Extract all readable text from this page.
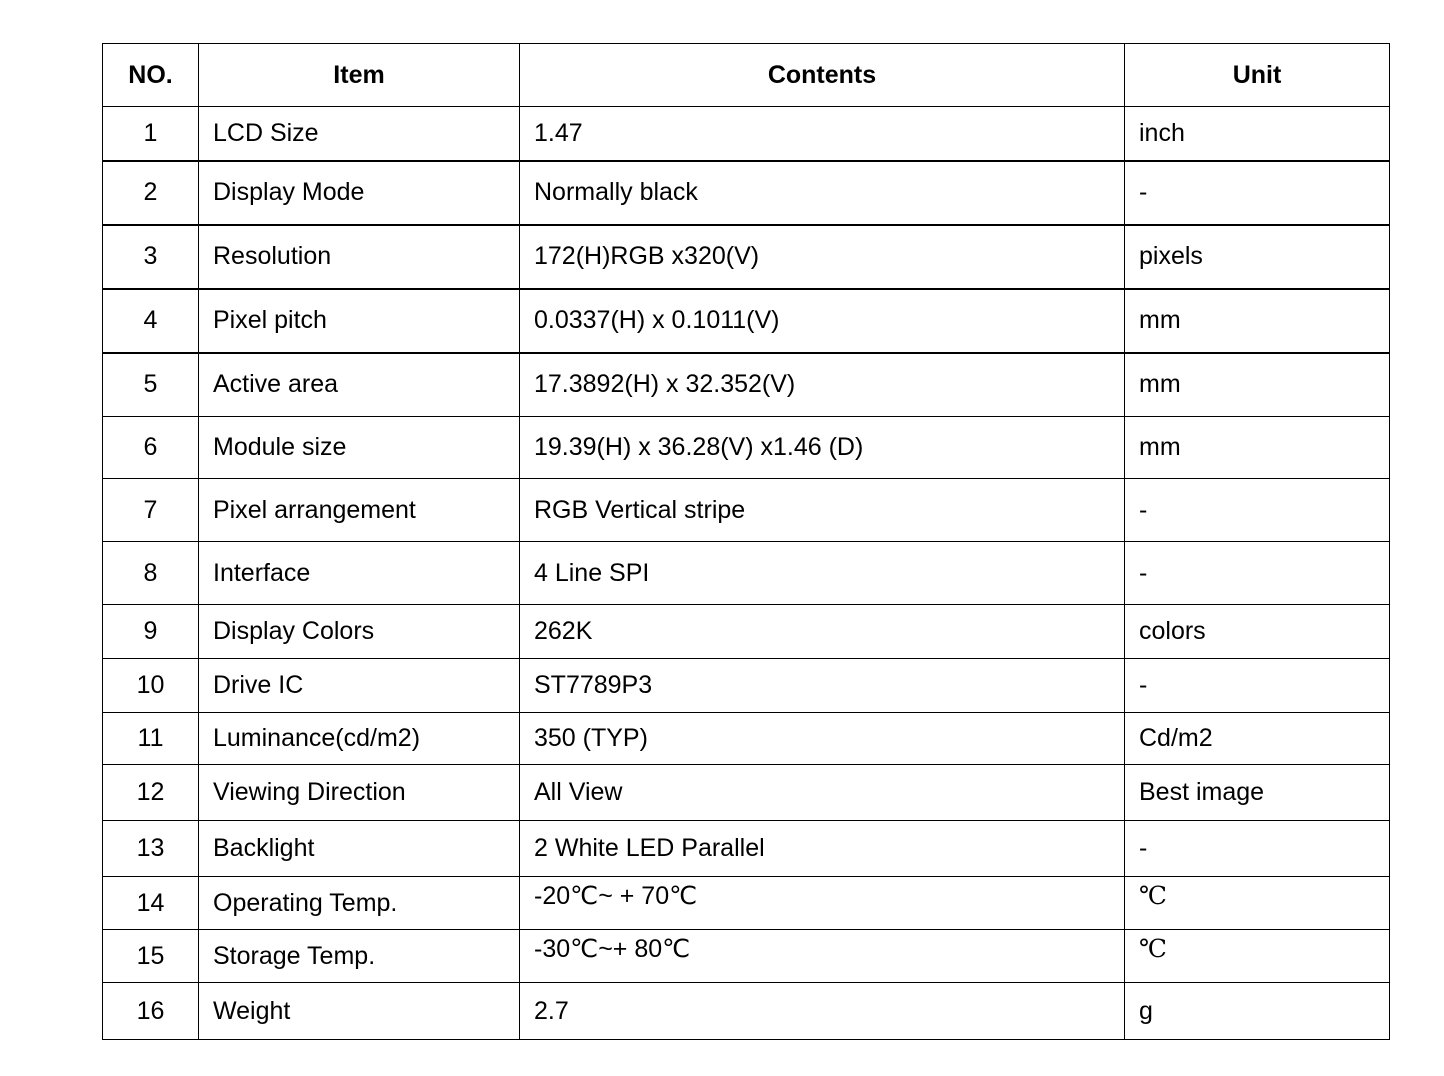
NO.	Item	Contents	Unit
1	LCD Size	1.47	inch
2	Display Mode	Normally black	-
3	Resolution	172(H)RGB x320(V)	pixels
4	Pixel pitch	0.0337(H) x 0.1011(V)	mm
5	Active area	17.3892(H) x 32.352(V)	mm
6	Module size	19.39(H) x 36.28(V) x1.46 (D)	mm
7	Pixel arrangement	RGB Vertical stripe	-
8	Interface	4 Line SPI	-
9	Display Colors	262K	colors
10	Drive IC	ST7789P3	-
11	Luminance(cd/m2)	350 (TYP)	Cd/m2
12	Viewing Direction	All View	Best image
13	Backlight	2 White LED Parallel	-
14	Operating Temp.	-20℃~ + 70℃	℃
15	Storage Temp.	-30℃~+ 80℃	℃
16	Weight	2.7	g
